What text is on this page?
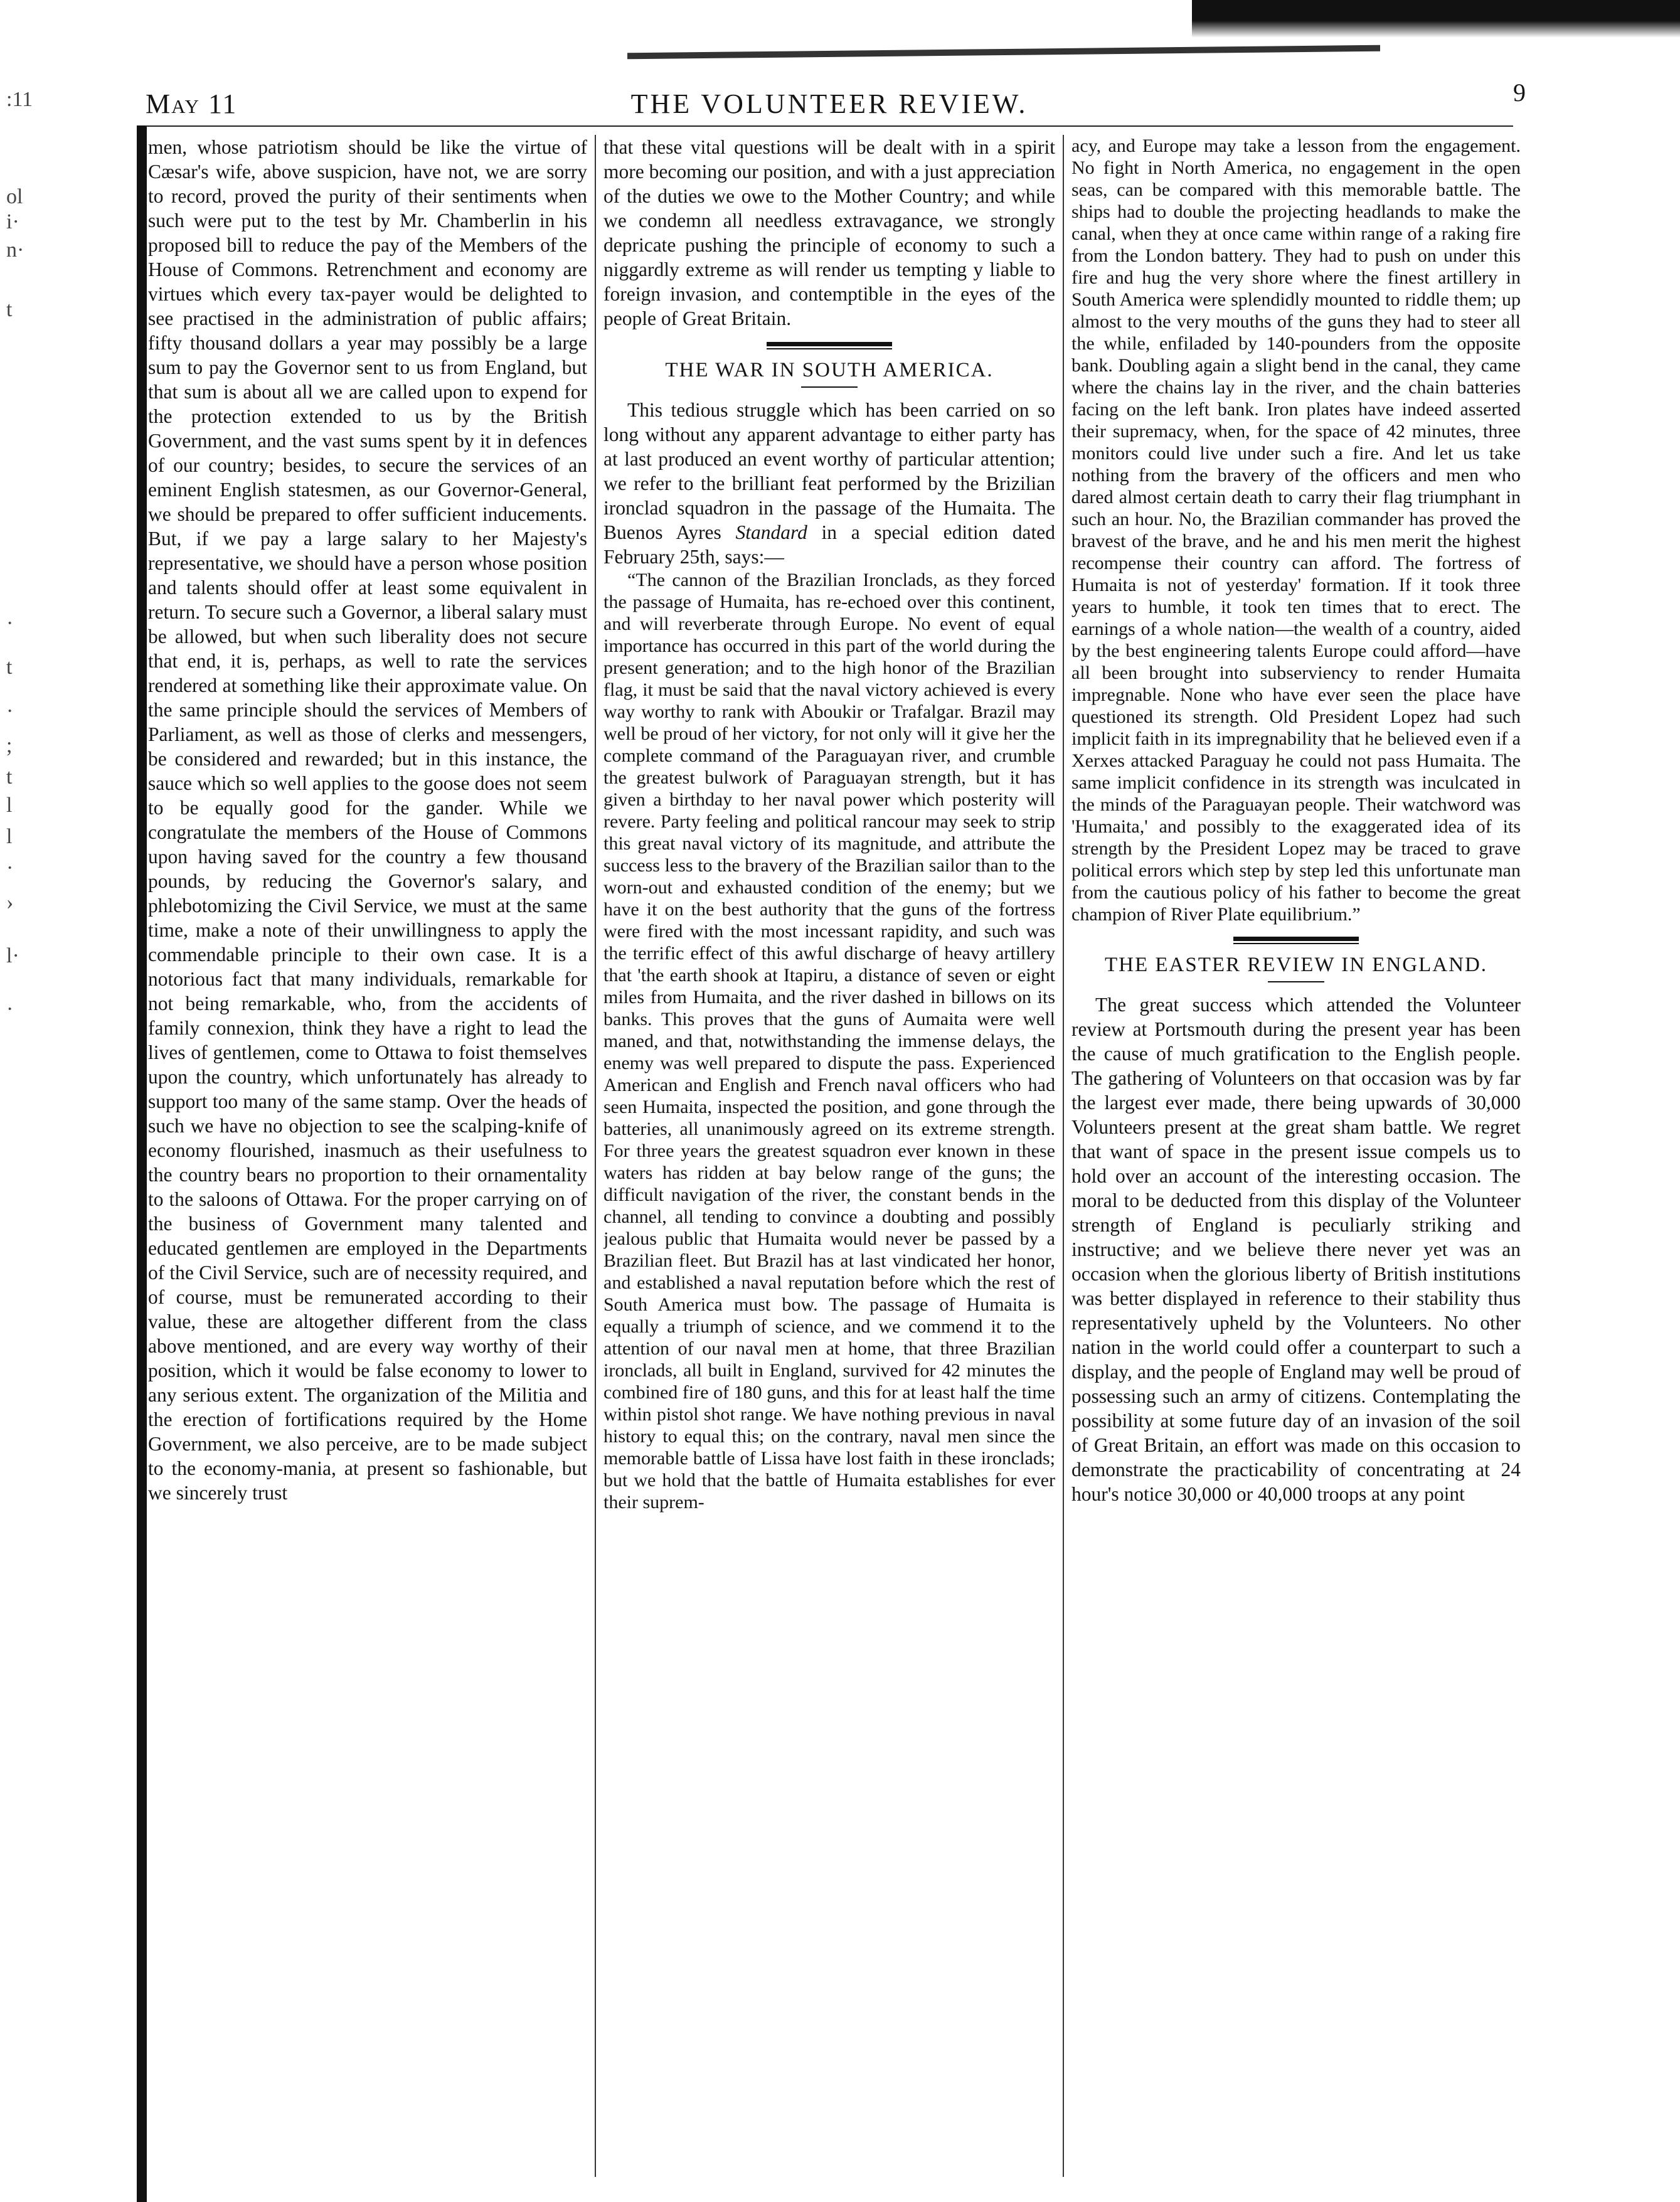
:11
ol
i·
n·
t
·
t
·
;
t
l
l
·
›
l·
·
May 11	THE VOLUNTEER REVIEW.	9

men, whose patriotism should be like the virtue of Cæsar's wife, above suspicion, have not, we are sorry to record, proved the purity of their sentiments when such were put to the test by Mr. Chamberlin in his proposed bill to reduce the pay of the Members of the House of Commons. Retrenchment and economy are virtues which every tax-payer would be delighted to see practised in the administration of public affairs; fifty thousand dollars a year may possibly be a large sum to pay the Governor sent to us from England, but that sum is about all we are called upon to expend for the protection extended to us by the British Government, and the vast sums spent by it in defences of our country; besides, to secure the services of an eminent English statesmen, as our Governor-General, we should be prepared to offer sufficient inducements. But, if we pay a large salary to her Majesty's representative, we should have a person whose position and talents should offer at least some equivalent in return. To secure such a Governor, a liberal salary must be allowed, but when such liberality does not secure that end, it is, perhaps, as well to rate the services rendered at something like their approximate value. On the same principle should the services of Members of Parliament, as well as those of clerks and messengers, be considered and rewarded; but in this instance, the sauce which so well applies to the goose does not seem to be equally good for the gander. While we congratulate the members of the House of Commons upon having saved for the country a few thousand pounds, by reducing the Governor's salary, and phlebotomizing the Civil Service, we must at the same time, make a note of their unwillingness to apply the commendable principle to their own case. It is a notorious fact that many individuals, remarkable for not being remarkable, who, from the accidents of family connexion, think they have a right to lead the lives of gentlemen, come to Ottawa to foist themselves upon the country, which unfortunately has already to support too many of the same stamp. Over the heads of such we have no objection to see the scalping-knife of economy flourished, inasmuch as their usefulness to the country bears no proportion to their ornamentality to the saloons of Ottawa. For the proper carrying on of the business of Government many talented and educated gentlemen are employed in the Departments of the Civil Service, such are of necessity required, and of course, must be remunerated according to their value, these are altogether different from the class above mentioned, and are every way worthy of their position, which it would be false economy to lower to any serious extent. The organization of the Militia and the erection of fortifications required by the Home Government, we also perceive, are to be made subject to the economy-mania, at present so fashionable, but we sincerely trust

that these vital questions will be dealt with in a spirit more becoming our position, and with a just appreciation of the duties we owe to the Mother Country; and while we condemn all needless extravagance, we strongly depricate pushing the principle of economy to such a niggardly extreme as will render us tempting y liable to foreign invasion, and contemptible in the eyes of the people of Great Britain.

THE WAR IN SOUTH AMERICA.

This tedious struggle which has been carried on so long without any apparent advantage to either party has at last produced an event worthy of particular attention; we refer to the brilliant feat performed by the Brizilian ironclad squadron in the passage of the Humaita. The Buenos Ayres Standard in a special edition dated February 25th, says:—

“The cannon of the Brazilian Ironclads, as they forced the passage of Humaita, has re-echoed over this continent, and will reverberate through Europe. No event of equal importance has occurred in this part of the world during the present generation; and to the high honor of the Brazilian flag, it must be said that the naval victory achieved is every way worthy to rank with Aboukir or Trafalgar. Brazil may well be proud of her victory, for not only will it give her the complete command of the Paraguayan river, and crumble the greatest bulwork of Paraguayan strength, but it has given a birthday to her naval power which posterity will revere. Party feeling and political rancour may seek to strip this great naval victory of its magnitude, and attribute the success less to the bravery of the Brazilian sailor than to the worn-out and exhausted condition of the enemy; but we have it on the best authority that the guns of the fortress were fired with the most incessant rapidity, and such was the terrific effect of this awful discharge of heavy artillery that 'the earth shook at Itapiru, a distance of seven or eight miles from Humaita, and the river dashed in billows on its banks. This proves that the guns of Aumaita were well maned, and that, notwithstanding the immense delays, the enemy was well prepared to dispute the pass. Experienced American and English and French naval officers who had seen Humaita, inspected the position, and gone through the batteries, all unanimously agreed on its extreme strength. For three years the greatest squadron ever known in these waters has ridden at bay below range of the guns; the difficult navigation of the river, the constant bends in the channel, all tending to convince a doubting and possibly jealous public that Humaita would never be passed by a Brazilian fleet. But Brazil has at last vindicated her honor, and established a naval reputation before which the rest of South America must bow. The passage of Humaita is equally a triumph of science, and we commend it to the attention of our naval men at home, that three Brazilian ironclads, all built in England, survived for 42 minutes the combined fire of 180 guns, and this for at least half the time within pistol shot range. We have nothing previous in naval history to equal this; on the contrary, naval men since the memorable battle of Lissa have lost faith in these ironclads; but we hold that the battle of Humaita establishes for ever their suprem-

acy, and Europe may take a lesson from the engagement. No fight in North America, no engagement in the open seas, can be compared with this memorable battle. The ships had to double the projecting headlands to make the canal, when they at once came within range of a raking fire from the London battery. They had to push on under this fire and hug the very shore where the finest artillery in South America were splendidly mounted to riddle them; up almost to the very mouths of the guns they had to steer all the while, enfiladed by 140-pounders from the opposite bank. Doubling again a slight bend in the canal, they came where the chains lay in the river, and the chain batteries facing on the left bank. Iron plates have indeed asserted their supremacy, when, for the space of 42 minutes, three monitors could live under such a fire. And let us take nothing from the bravery of the officers and men who dared almost certain death to carry their flag triumphant in such an hour. No, the Brazilian commander has proved the bravest of the brave, and he and his men merit the highest recompense their country can afford. The fortress of Humaita is not of yesterday' formation. If it took three years to humble, it took ten times that to erect. The earnings of a whole nation—the wealth of a country, aided by the best engineering talents Europe could afford—have all been brought into subserviency to render Humaita impregnable. None who have ever seen the place have questioned its strength. Old President Lopez had such implicit faith in its impregnability that he believed even if a Xerxes attacked Paraguay he could not pass Humaita. The same implicit confidence in its strength was inculcated in the minds of the Paraguayan people. Their watchword was 'Humaita,' and possibly to the exaggerated idea of its strength by the President Lopez may be traced to grave political errors which step by step led this unfortunate man from the cautious policy of his father to become the great champion of River Plate equilibrium.”

THE EASTER REVIEW IN ENGLAND.

The great success which attended the Volunteer review at Portsmouth during the present year has been the cause of much gratification to the English people. The gathering of Volunteers on that occasion was by far the largest ever made, there being upwards of 30,000 Volunteers present at the great sham battle. We regret that want of space in the present issue compels us to hold over an account of the interesting occasion. The moral to be deducted from this display of the Volunteer strength of England is peculiarly striking and instructive; and we believe there never yet was an occasion when the glorious liberty of British institutions was better displayed in reference to their stability thus representatively upheld by the Volunteers. No other nation in the world could offer a counterpart to such a display, and the people of England may well be proud of possessing such an army of citizens. Contemplating the possibility at some future day of an invasion of the soil of Great Britain, an effort was made on this occasion to demonstrate the practicability of concentrating at 24 hour's notice 30,000 or 40,000 troops at any point
